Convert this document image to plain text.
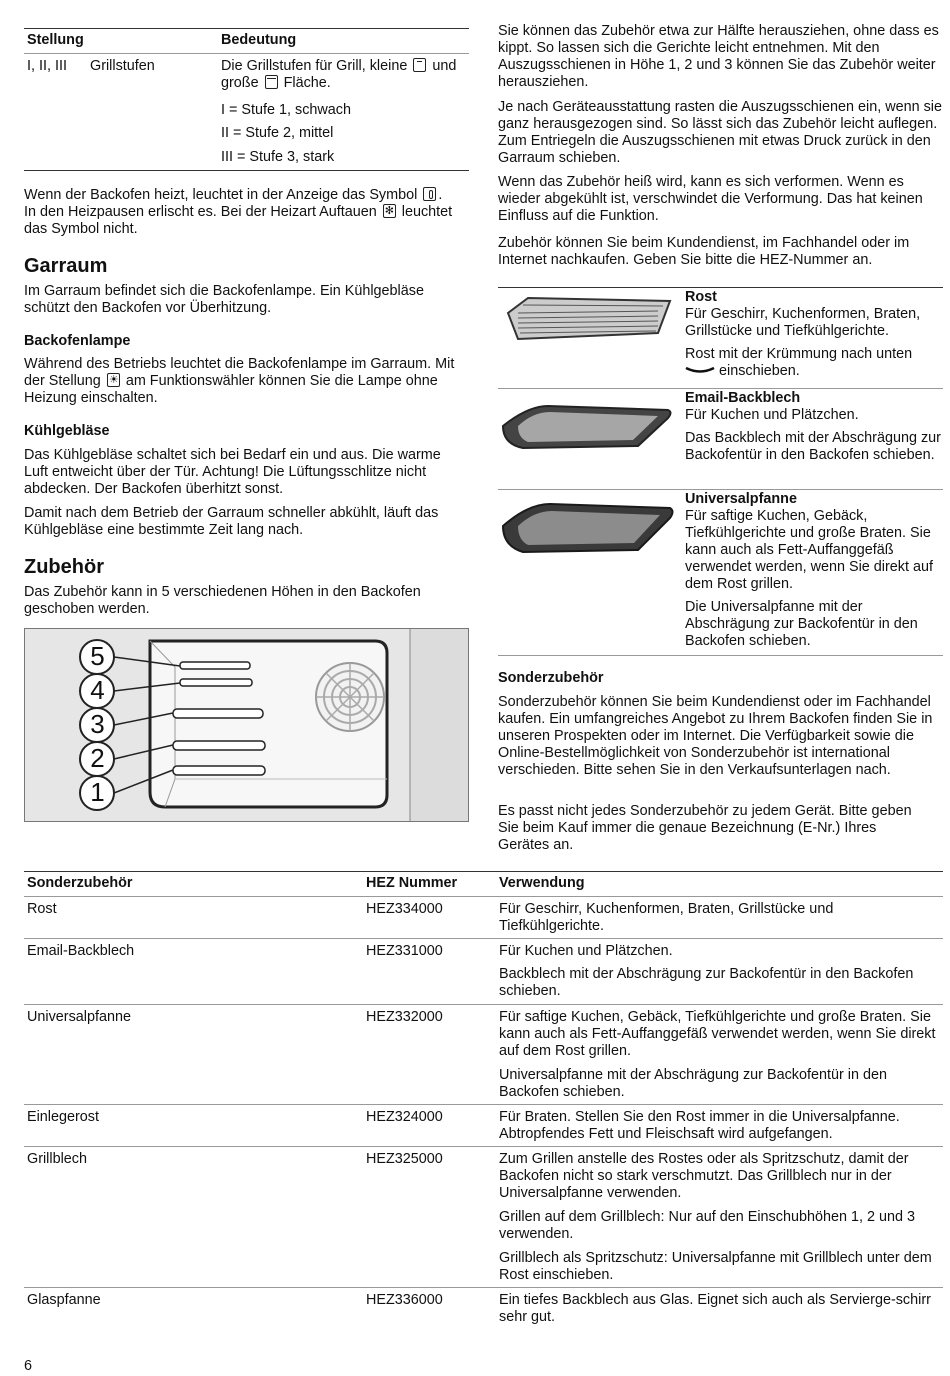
Stellung	Bedeutung
I, II, III Grillstufen	Die Grillstufen für Grill, kleine und große Fläche.
I = Stufe 1, schwach
II = Stufe 2, mittel
III = Stufe 3, stark

Wenn der Backofen heizt, leuchtet in der Anzeige das Symbol . In den Heizpausen erlischt es. Bei der Heizart Auftauen ✻ leuchtet das Symbol nicht.

Garraum

Im Garraum befindet sich die Backofenlampe. Ein Kühlgebläse schützt den Backofen vor Überhitzung.

Backofenlampe

Während des Betriebs leuchtet die Backofenlampe im Garraum. Mit der Stellung ☀ am Funktionswähler können Sie die Lampe ohne Heizung einschalten.

Kühlgebläse

Das Kühlgebläse schaltet sich bei Bedarf ein und aus. Die warme Luft entweicht über der Tür. Achtung! Die Lüftungsschlitze nicht abdecken. Der Backofen überhitzt sonst.

Damit nach dem Betrieb der Garraum schneller abkühlt, läuft das Kühlgebläse eine bestimmte Zeit lang nach.

Zubehör

Das Zubehör kann in 5 verschiedenen Höhen in den Backofen geschoben werden.

5
4
3
2
1

Sie können das Zubehör etwa zur Hälfte herausziehen, ohne dass es kippt. So lassen sich die Gerichte leicht entnehmen. Mit den Auszugsschienen in Höhe 1, 2 und 3 können Sie das Zubehör weiter herausziehen.

Je nach Geräteausstattung rasten die Auszugsschienen ein, wenn sie ganz herausgezogen sind. So lässt sich das Zubehör leicht auflegen. Zum Entriegeln die Auszugsschienen mit etwas Druck zurück in den Garraum schieben.

Wenn das Zubehör heiß wird, kann es sich verformen. Wenn es wieder abgekühlt ist, verschwindet die Verformung. Das hat keinen Einfluss auf die Funktion.

Zubehör können Sie beim Kundendienst, im Fachhandel oder im Internet nachkaufen. Geben Sie bitte die HEZ-Nummer an.

Rost

Für Geschirr, Kuchenformen, Braten, Grillstücke und Tiefkühlgerichte.

Rost mit der Krümmung nach unten

einschieben.

Email-Backblech

Für Kuchen und Plätzchen.

Das Backblech mit der Abschrägung zur Backofentür in den Backofen schieben.

Universalpfanne

Für saftige Kuchen, Gebäck, Tiefkühlgerichte und große Braten. Sie kann auch als Fett-Auffanggefäß verwendet werden, wenn Sie direkt auf dem Rost grillen.

Die Universalpfanne mit der Abschrägung zur Backofentür in den Backofen schieben.

Sonderzubehör

Sonderzubehör können Sie beim Kundendienst oder im Fachhandel kaufen. Ein umfangreiches Angebot zu Ihrem Backofen finden Sie in unseren Prospekten oder im Internet. Die Verfügbarkeit sowie die Online-Bestellmöglichkeit von Sonderzubehör ist international verschieden. Bitte sehen Sie in den Verkaufsunterlagen nach.

Es passt nicht jedes Sonderzubehör zu jedem Gerät. Bitte geben Sie beim Kauf immer die genaue Bezeichnung (E-Nr.) Ihres Gerätes an.

Sonderzubehör	HEZ Nummer	Verwendung
Rost	HEZ334000	Für Geschirr, Kuchenformen, Braten, Grillstücke und Tiefkühlgerichte.

Email-Backblech	HEZ331000	Für Kuchen und Plätzchen.

Backblech mit der Abschrägung zur Backofentür in den Backofen schieben.

Universalpfanne	HEZ332000	Für saftige Kuchen, Gebäck, Tiefkühlgerichte und große Braten. Sie kann auch als Fett-Auffanggefäß verwendet werden, wenn Sie direkt auf dem Rost grillen.

Universalpfanne mit der Abschrägung zur Backofentür in den Backofen schieben.

Einlegerost	HEZ324000	Für Braten. Stellen Sie den Rost immer in die Universalpfanne. Abtropfendes Fett und Fleischsaft wird aufgefangen.

Grillblech	HEZ325000	Zum Grillen anstelle des Rostes oder als Spritzschutz, damit der Backofen nicht so stark verschmutzt. Das Grillblech nur in der Universalpfanne verwenden.

Grillen auf dem Grillblech: Nur auf den Einschubhöhen 1, 2 und 3 verwenden.

Grillblech als Spritzschutz: Universalpfanne mit Grillblech unter dem Rost einschieben.

Glaspfanne	HEZ336000	Ein tiefes Backblech aus Glas. Eignet sich auch als Servierge-schirr sehr gut.

6
